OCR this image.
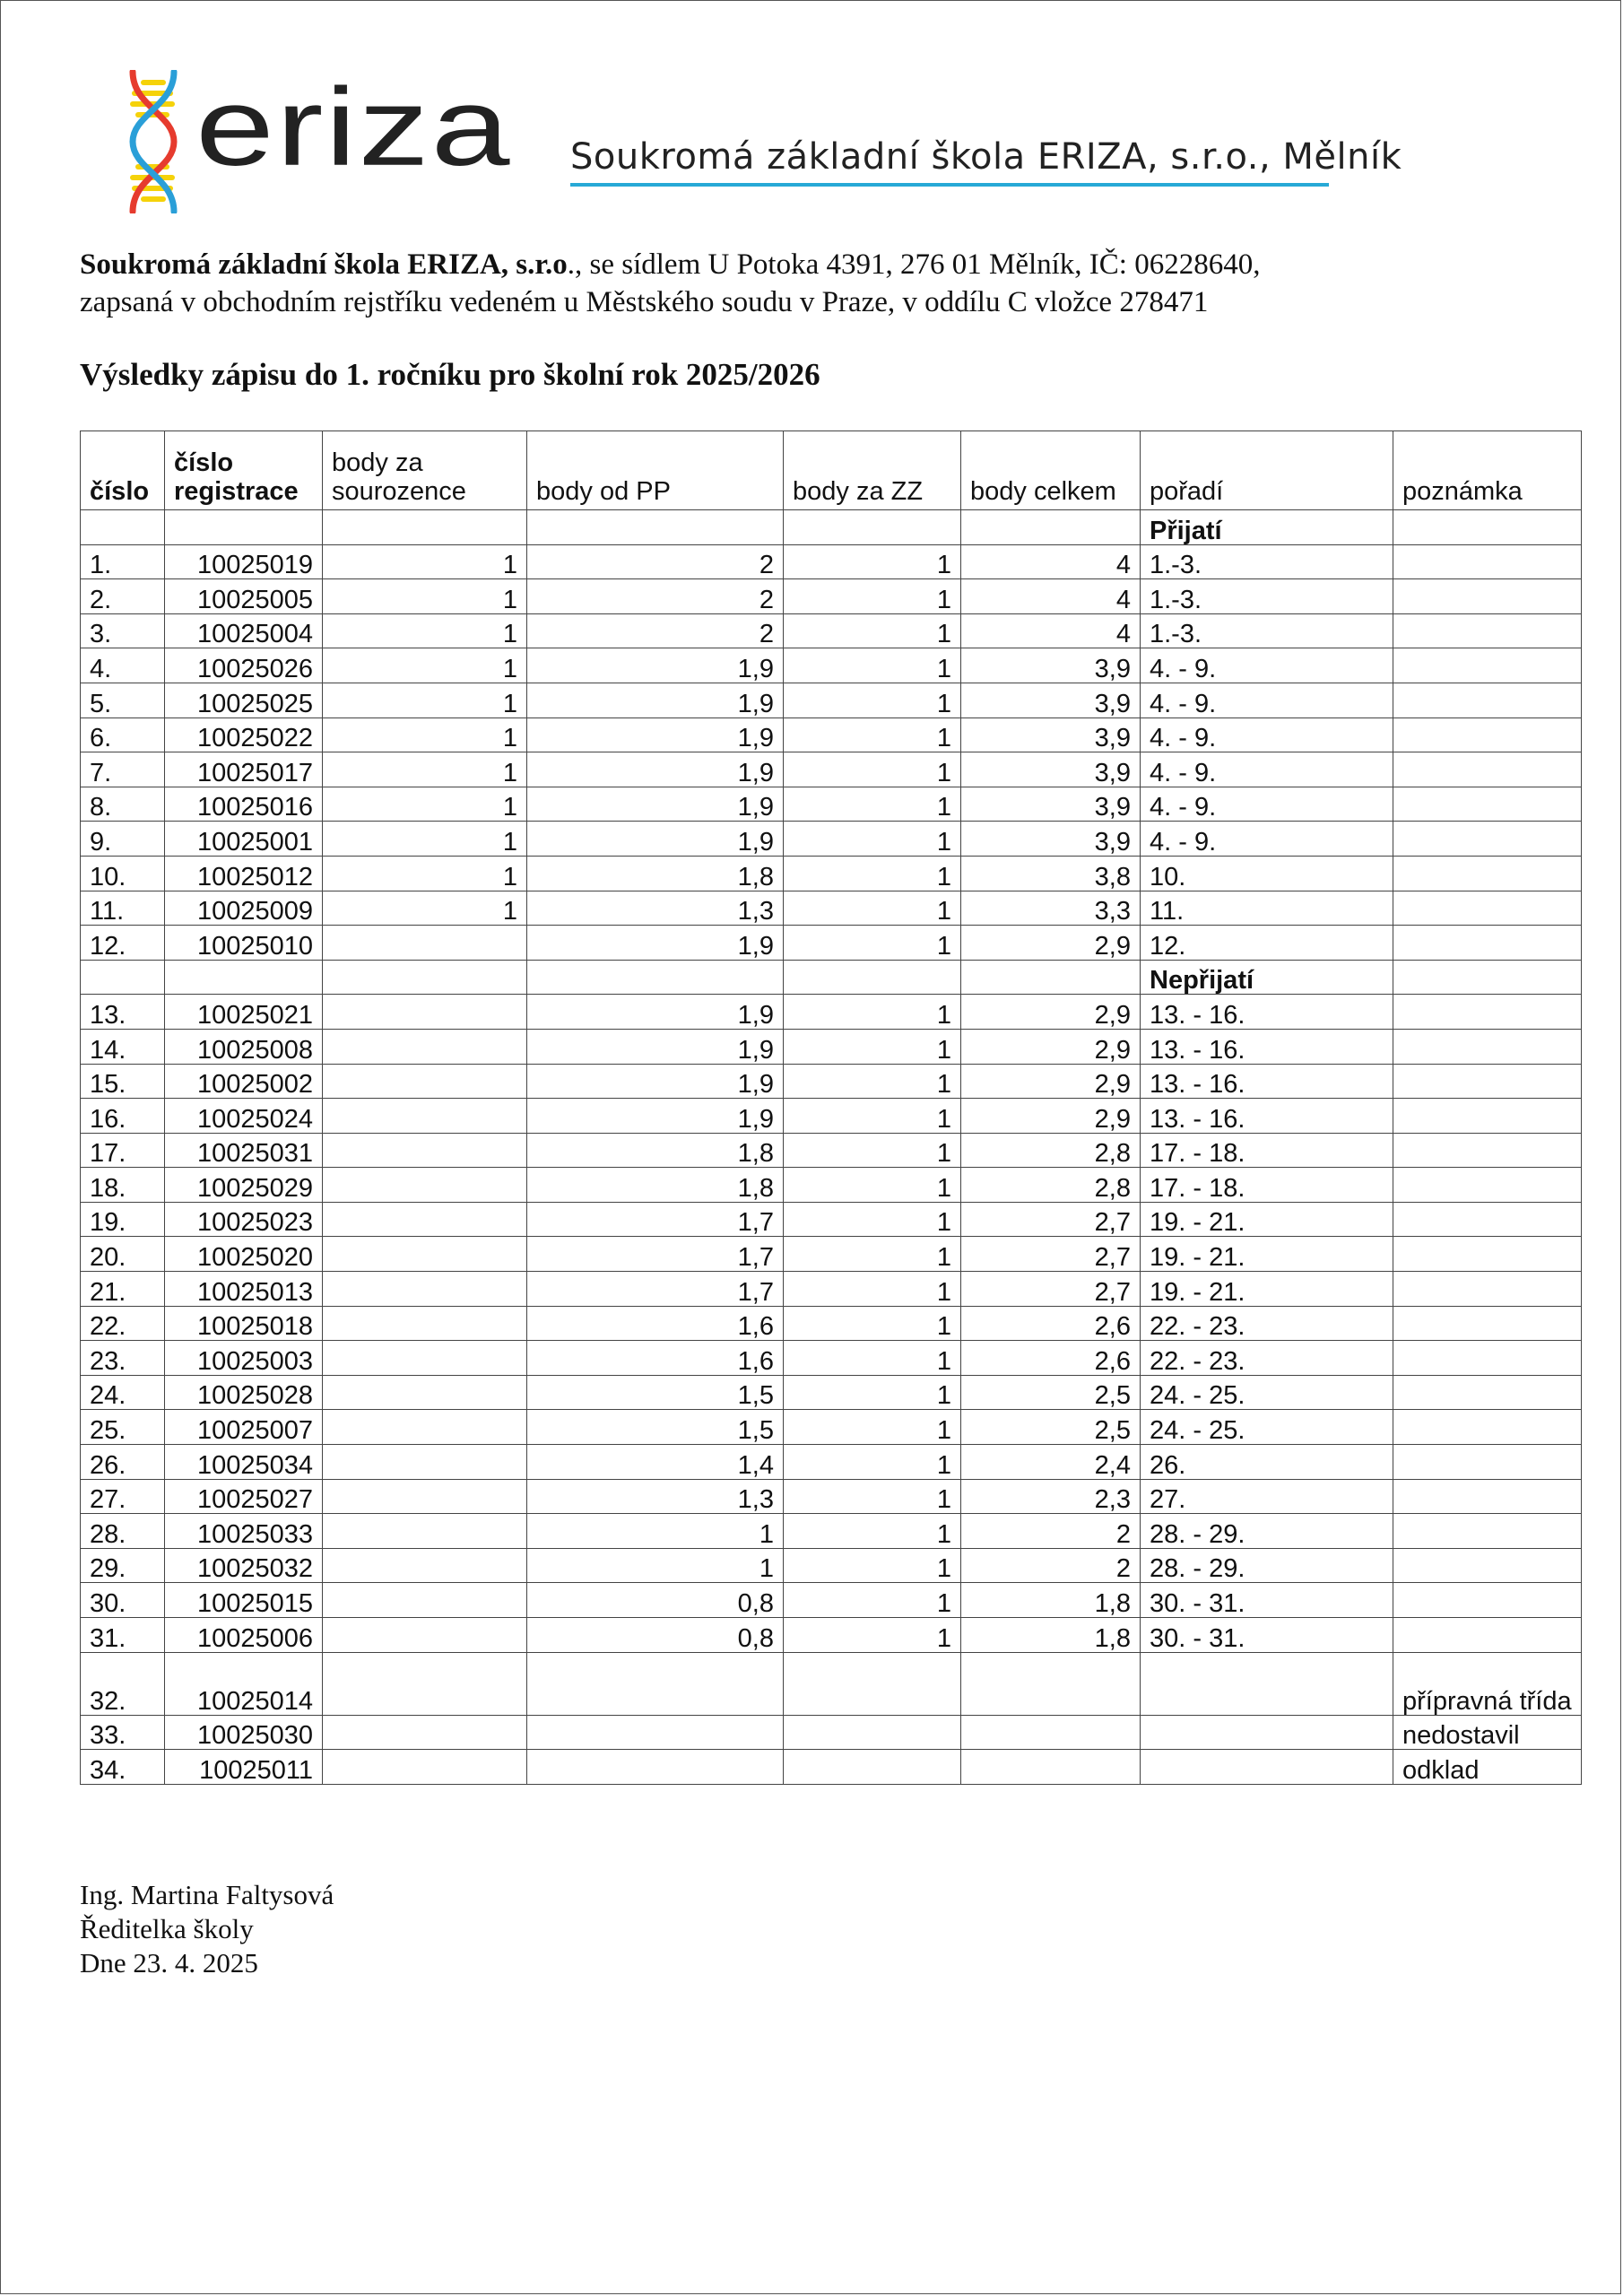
eriza Soukromá základní škola ERIZA, s.r.o., Mělník
Soukromá základní škola ERIZA, s.r.o., se sídlem U Potoka 4391, 276 01 Mělník, IČ: 06228640,
zapsaná v obchodním rejstříku vedeném u Městského soudu v Praze, v oddílu C vložce 278471
Výsledky zápisu do 1. ročníku pro školní rok 2025/2026
číslo	číslo registrace	body za sourozence	body od PP	body za ZZ	body celkem	pořadí	poznámka
						Přijatí	
1.	10025019	1	2	1	4	1.-3.	
2.	10025005	1	2	1	4	1.-3.	
3.	10025004	1	2	1	4	1.-3.	
4.	10025026	1	1,9	1	3,9	4. - 9.	
5.	10025025	1	1,9	1	3,9	4. - 9.	
6.	10025022	1	1,9	1	3,9	4. - 9.	
7.	10025017	1	1,9	1	3,9	4. - 9.	
8.	10025016	1	1,9	1	3,9	4. - 9.	
9.	10025001	1	1,9	1	3,9	4. - 9.	
10.	10025012	1	1,8	1	3,8	10.	
11.	10025009	1	1,3	1	3,3	11.	
12.	10025010		1,9	1	2,9	12.	
						Nepřijatí	
13.	10025021		1,9	1	2,9	13. - 16.	
14.	10025008		1,9	1	2,9	13. - 16.	
15.	10025002		1,9	1	2,9	13. - 16.	
16.	10025024		1,9	1	2,9	13. - 16.	
17.	10025031		1,8	1	2,8	17. - 18.	
18.	10025029		1,8	1	2,8	17. - 18.	
19.	10025023		1,7	1	2,7	19. - 21.	
20.	10025020		1,7	1	2,7	19. - 21.	
21.	10025013		1,7	1	2,7	19. - 21.	
22.	10025018		1,6	1	2,6	22. - 23.	
23.	10025003		1,6	1	2,6	22. - 23.	
24.	10025028		1,5	1	2,5	24. - 25.	
25.	10025007		1,5	1	2,5	24. - 25.	
26.	10025034		1,4	1	2,4	26.	
27.	10025027		1,3	1	2,3	27.	
28.	10025033		1	1	2	28. - 29.	
29.	10025032		1	1	2	28. - 29.	
30.	10025015		0,8	1	1,8	30. - 31.	
31.	10025006		0,8	1	1,8	30. - 31.	
32.	10025014						přípravná třída
33.	10025030						nedostavil
34.	10025011						odklad
Ing. Martina Faltysová
Ředitelka školy
Dne 23. 4. 2025
